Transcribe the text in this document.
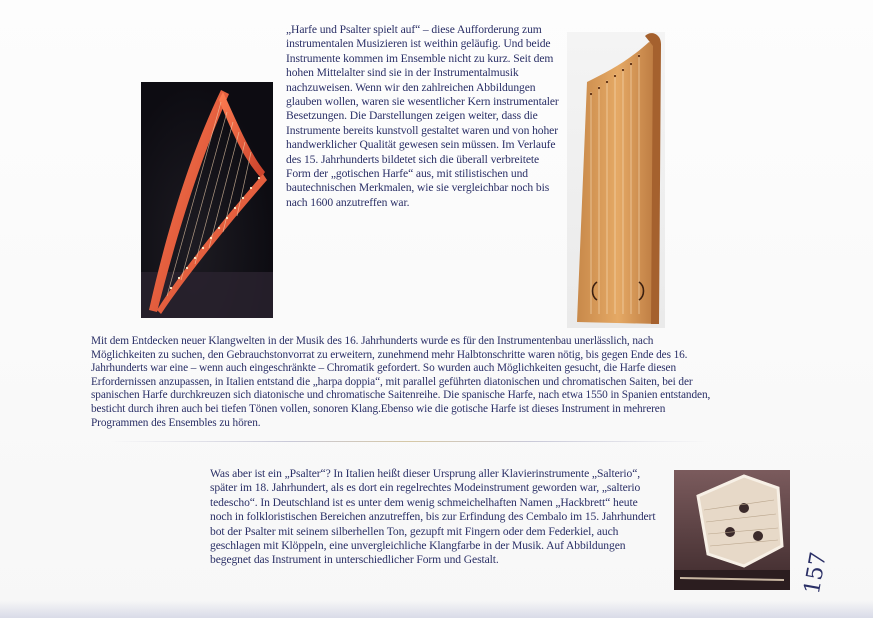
„Harfe und Psalter spielt auf“ – diese Aufforderung zum instrumentalen Musizieren ist weithin geläufig. Und beide Instrumente kommen im Ensemble nicht zu kurz. Seit dem hohen Mittelalter sind sie in der Instrumentalmusik nachzuweisen. Wenn wir den zahlreichen Abbildungen glauben wollen, waren sie wesentlicher Kern instrumentaler Besetzungen. Die Darstellungen zeigen weiter, dass die Instrumente bereits kunstvoll gestaltet waren und von hoher handwerklicher Qualität gewesen sein müssen. Im Verlaufe des 15. Jahrhunderts bildetet sich die überall verbreitete Form der „gotischen Harfe“ aus, mit stilistischen und bautechnischen Merkmalen, wie sie vergleichbar noch bis nach 1600 anzutreffen war.
Mit dem Entdecken neuer Klangwelten in der Musik des 16. Jahrhunderts wurde es für den Instrumentenbau unerlässlich, nach Möglichkeiten zu suchen, den Gebrauchstonvorrat zu erweitern, zunehmend mehr Halbtonschritte waren nötig, bis gegen Ende des 16. Jahrhunderts war eine – wenn auch eingeschränkte – Chromatik gefordert. So wurden auch Möglichkeiten gesucht, die Harfe diesen Erfordernissen anzupassen, in Italien entstand die „harpa doppia“, mit parallel geführten diatonischen und chromatischen Saiten, bei der spanischen Harfe durchkreuzen sich diatonische und chromatische Saitenreihe. Die spanische Harfe, nach etwa 1550 in Spanien entstanden, besticht durch ihren auch bei tiefen Tönen vollen, sonoren Klang.Ebenso wie die gotische Harfe ist dieses Instrument in mehreren Programmen des Ensembles zu hören.
Was aber ist ein „Psalter“? In Italien heißt dieser Ursprung aller Klavierinstrumente „Salterio“, später im 18. Jahrhundert, als es dort ein regelrechtes Modeinstrument geworden war, „salterio tedescho“. In Deutschland ist es unter dem wenig schmeichelhaften Namen „Hackbrett“ heute noch in folkloristischen Bereichen anzutreffen, bis zur Erfindung des Cembalo im 15. Jahrhundert bot der Psalter mit seinem silberhellen Ton, gezupft mit Fingern oder dem Federkiel, auch geschlagen mit Klöppeln, eine unvergleichliche Klangfarbe in der Musik. Auf Abbildungen begegnet das Instrument in unterschiedlicher Form und Gestalt.	157
